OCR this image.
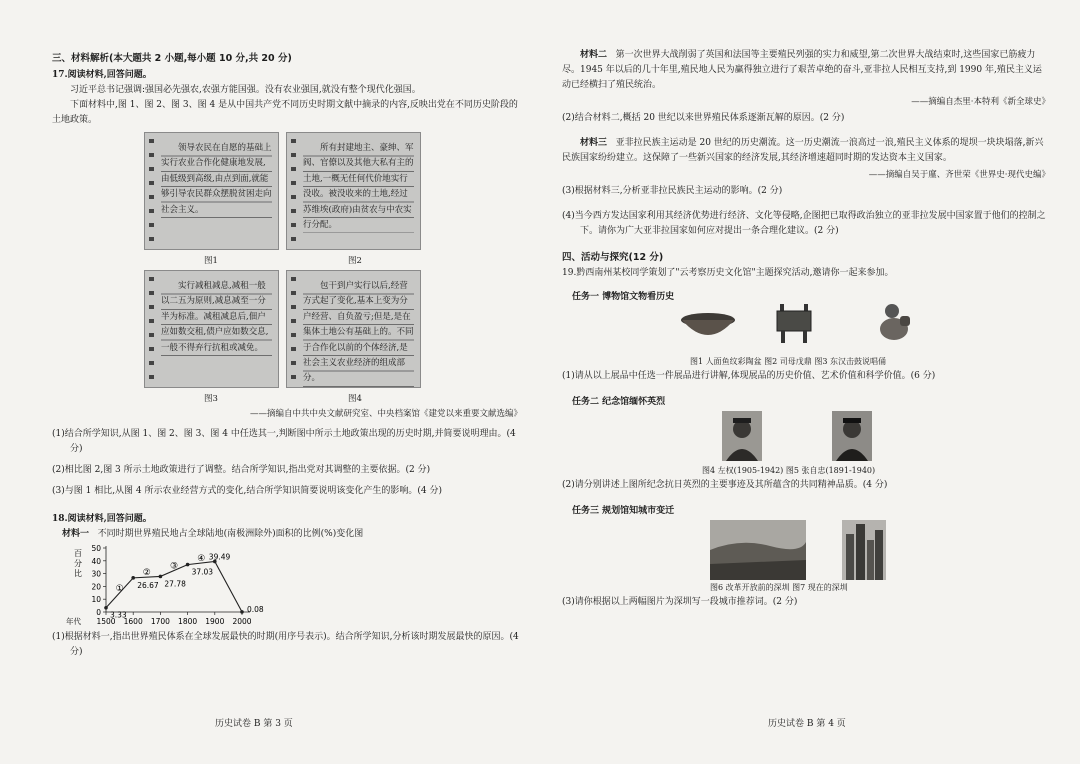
三、材料解析(本大题共 2 小题,每小题 10 分,共 20 分)

17.阅读材料,回答问题。

习近平总书记强调:强国必先强农,农强方能国强。没有农业强国,就没有整个现代化强国。

下面材料中,图 1、图 2、图 3、图 4 是从中国共产党不同历史时期文献中摘录的内容,反映出党在不同历史阶段的土地政策。

领导农民在自愿的基础上实行农业合作化健康地发展,由低级到高级,由点到面,就能够引导农民群众摆脱贫困走向社会主义。
图1
所有封建地主、豪绅、军阀、官僚以及其他大私有主的土地,一概无任何代价地实行没收。被没收来的土地,经过苏维埃(政府)由贫农与中农实行分配。
图2
实行减租减息,减租一般以二五为原则,减息减至一分半为标准。减租减息后,佃户应如数交租,债户应如数交息,一般不得弃行抗租或减免。
图3
包干到户实行以后,经营方式起了变化,基本上变为分户经营、自负盈亏;但是,是在集体土地公有基础上的。不同于合作化以前的个体经济,是社会主义农业经济的组成部分。
图4

——摘编自中共中央文献研究室、中央档案馆《建党以来重要文献选编》

(1)结合所学知识,从图 1、图 2、图 3、图 4 中任选其一,判断图中所示土地政策出现的历史时期,并简要说明理由。(4 分)

(2)相比图 2,图 3 所示土地政策进行了调整。结合所学知识,指出党对其调整的主要依据。(2 分)

(3)与图 1 相比,从图 4 所示农业经营方式的变化,结合所学知识简要说明该变化产生的影响。(4 分)

18.阅读材料,回答问题。

材料一 不同时期世界殖民地占全球陆地(南极洲除外)面积的比例(%)变化图

百
分
比
0
10
20
30
40
50
年代 1500 1600 1700 1800 1900 2000
3.33
26.67 27.78
37.03
39.49
0.08
①
②
③
④

(1)根据材料一,指出世界殖民体系在全球发展最快的时期(用序号表示)。结合所学知识,分析该时期发展最快的原因。(4 分)

历史试卷 B 第 3 页

材料二 第一次世界大战削弱了英国和法国等主要殖民列强的实力和威望,第二次世界大战结束时,这些国家已筋疲力尽。1945 年以后的几十年里,殖民地人民为赢得独立进行了艰苦卓绝的奋斗,亚非拉人民相互支持,到 1990 年,殖民主义运动已经横扫了殖民统治。

——摘编自杰里·本特利《新全球史》

(2)结合材料二,概括 20 世纪以来世界殖民体系逐渐瓦解的原因。(2 分)

材料三 亚非拉民族主运动是 20 世纪的历史潮流。这一历史潮流一浪高过一浪,殖民主义体系的堤坝一块块塌落,新兴民族国家纷纷建立。这保障了一些新兴国家的经济发展,其经济增速超同时期的发达资本主义国家。

——摘编自吴于廑、齐世荣《世界史·现代史编》

(3)根据材料三,分析亚非拉民族民主运动的影响。(2 分)

(4)当今西方发达国家利用其经济优势进行经济、文化等侵略,企图把已取得政治独立的亚非拉发展中国家置于他们的控制之下。请你为广大亚非拉国家如何应对提出一条合理化建议。(2 分)

四、活动与探究(12 分)

19.黔西南州某校同学策划了"云考察历史文化馆"主题探究活动,邀请你一起来参加。

任务一 博物馆文物看历史

图1 人面鱼纹彩陶盆 图2 司母戊鼎 图3 东汉击鼓说唱俑

(1)请从以上展品中任选一件展品进行讲解,体现展品的历史价值、艺术价值和科学价值。(6 分)

任务二 纪念馆缅怀英烈

图4 左权(1905-1942) 图5 张自忠(1891-1940)

(2)请分别讲述上图所纪念抗日英烈的主要事迹及其所蕴含的共同精神品质。(4 分)

任务三 规划馆知城市变迁

图6 改革开放前的深圳 图7 现在的深圳

(3)请你根据以上两幅图片为深圳写一段城市推荐词。(2 分)

历史试卷 B 第 4 页
